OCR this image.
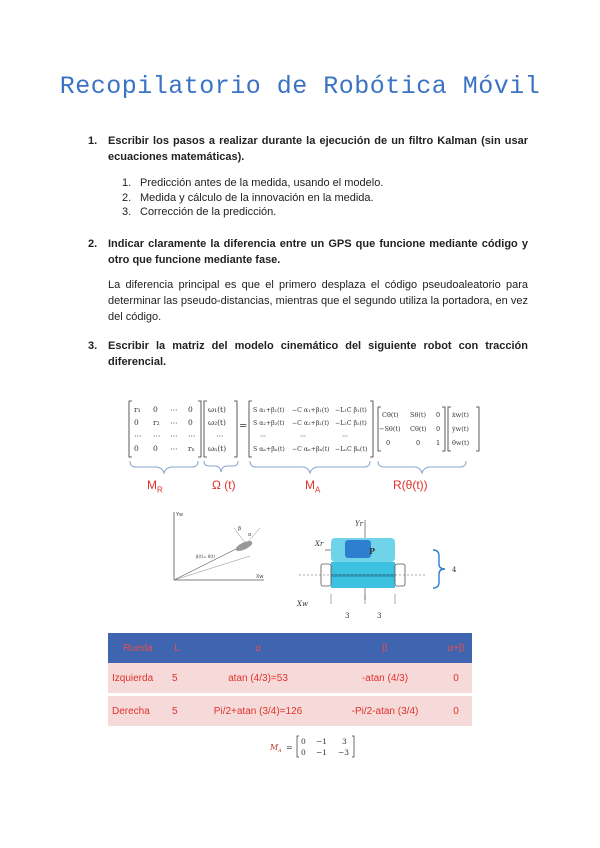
Recopilatorio de Robótica Móvil
1. Escribir los pasos a realizar durante la ejecución de un filtro Kalman (sin usar ecuaciones matemáticas).
1. Predicción antes de la medida, usando el modelo.
2. Medida y cálculo de la innovación en la medida.
3. Corrección de la predicción.
2. Indicar claramente la diferencia entre un GPS que funcione mediante código y otro que funcione mediante fase.
La diferencia principal es que el primero desplaza el código pseudoaleatorio para determinar las pseudo-distancias, mientras que el segundo utiliza la portadora, en vez del código.
3. Escribir la matriz del modelo cinemático del siguiente robot con tracción diferencial.
r₁ 0 ⋯ 0
0 r₂ ⋯ 0
⋯ ⋯ ⋯ ⋯
0 0 ⋯ rₙ
ω₁(t)
ω₂(t)
⋯
ωₙ(t)
=
S α₁+β₁(t) −C α₁+β₁(t) −L₁C β₁(t)
S α₂+β₂(t) −C α₂+β₂(t) −L₂C β₂(t)
⋯	⋯	⋯
S αₙ+βₙ(t) −C αₙ+βₙ(t) −LₙC βₙ(t)
Cθ(t) Sθ(t) 0
−Sθ(t) Cθ(t) 0
0	0 1
ẋw(t)
ẏw(t)
θ̇w(t)
$M_R$	Ω (t)	$M_A$	R(θ(t))
Yw
Xw
β(t)= θ(t)
α
β
Yr
Xr
P
Xw
4
3	3
Rueda	L	α	β	α+β
Izquierda	5	atan (4/3)=53	-atan (4/3)	0
Derecha	5	Pi/2+atan (3/4)=126	-Pi/2-atan (3/4)	0
M A =
0 −1 3
0 −1 −3
